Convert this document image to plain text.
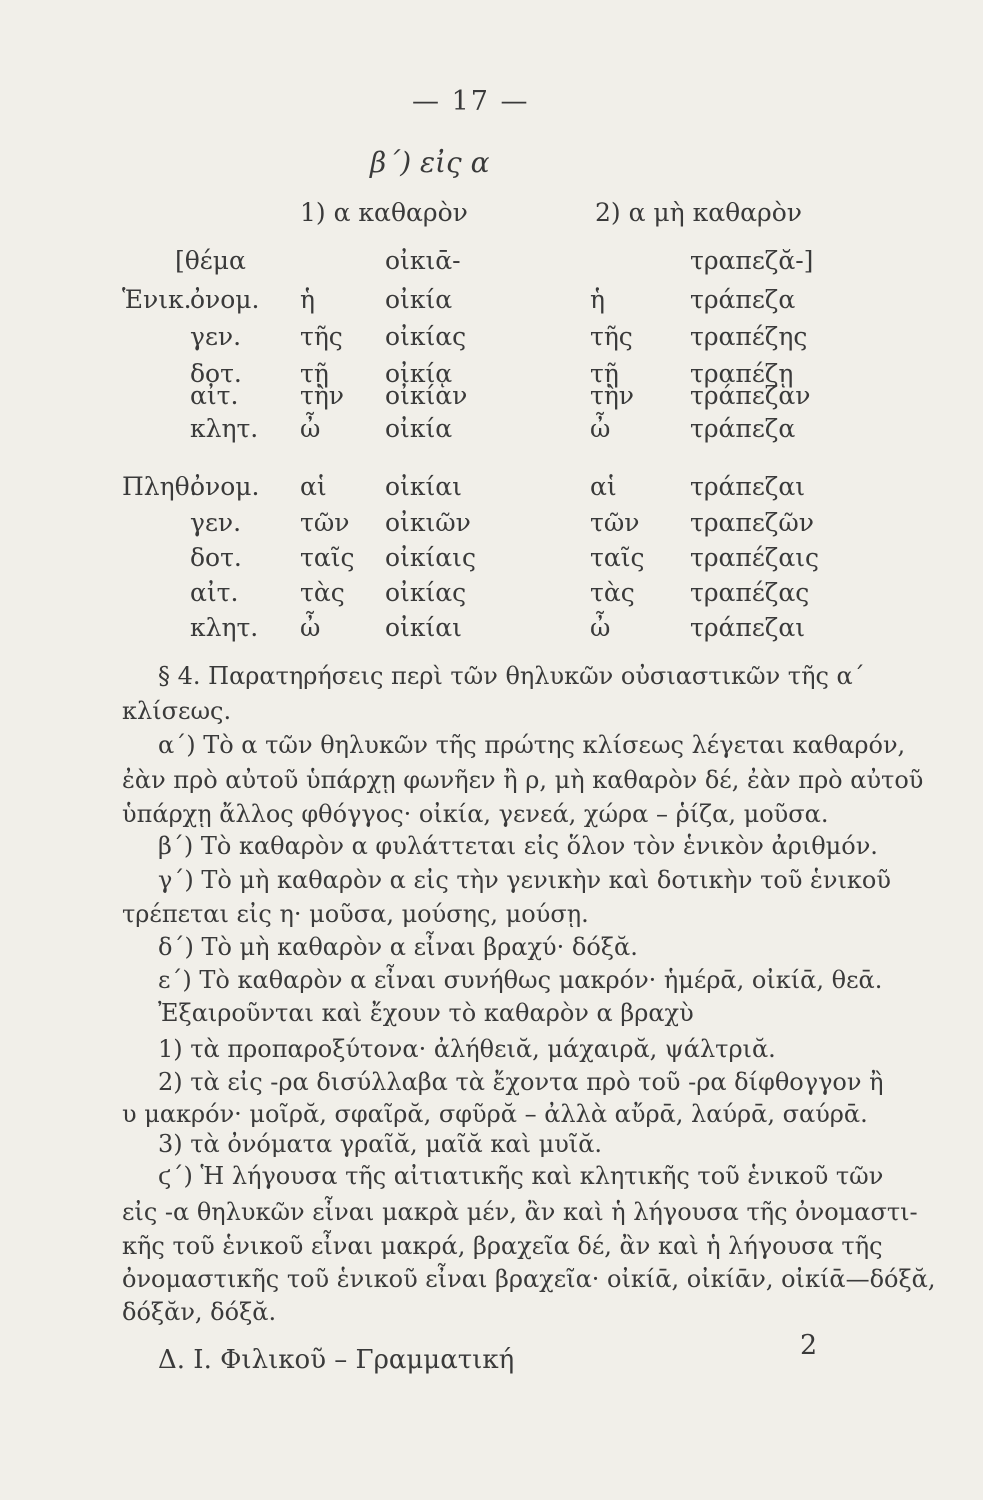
— 17 —
β΄) εἰς α
1) α καθαρὸν	2) α μὴ καθαρὸν
[θέμα	οἰκιᾱ-	τραπεζᾰ-]
Ἑνικ.
ὀνομ. ἡ	οἰκία	ἡ	τράπεζα
γεν. τῆς οἰκίας	τῆς τραπέζης
δοτ. τῇ οἰκίᾳ	τῇ	τραπέζῃ
αἰτ. τὴν οἰκίαν	τὴν τράπεζαν
κλητ. ὦ	οἰκία	ὦ	τράπεζα
Πληθ.
ὀνομ. αἱ οἰκίαι	αἱ	τράπεζαι
γεν. τῶν οἰκιῶν	τῶν τραπεζῶν
δοτ. ταῖς οἰκίαις	ταῖς τραπέζαις
αἰτ. τὰς οἰκίας	τὰς τραπέζας
κλητ. ὦ	οἰκίαι	ὦ	τράπεζαι
§ 4. Παρατηρήσεις περὶ τῶν θηλυκῶν οὐσιαστικῶν τῆς α΄
κλίσεως.
α΄) Τὸ α τῶν θηλυκῶν τῆς πρώτης κλίσεως λέγεται καθαρόν,
ἐὰν πρὸ αὐτοῦ ὑπάρχῃ φωνῆεν ἢ ρ, μὴ καθαρὸν δέ, ἐὰν πρὸ αὐτοῦ
ὑπάρχῃ ἄλλος φθόγγος· οἰκία, γενεά, χώρα – ῥίζα, μοῦσα.
β΄) Τὸ καθαρὸν α φυλάττεται εἰς ὅλον τὸν ἑνικὸν ἀριθμόν.
γ΄) Τὸ μὴ καθαρὸν α εἰς τὴν γενικὴν καὶ δοτικὴν τοῦ ἑνικοῦ
τρέπεται εἰς η· μοῦσα, μούσης, μούσῃ.
δ΄) Τὸ μὴ καθαρὸν α εἶναι βραχύ· δόξᾰ.
ε΄) Τὸ καθαρὸν α εἶναι συνήθως μακρόν· ἡμέρᾱ, οἰκίᾱ, θεᾱ.
Ἐξαιροῦνται καὶ ἔχουν τὸ καθαρὸν α βραχὺ
1) τὰ προπαροξύτονα· ἀλήθειᾰ, μάχαιρᾰ, ψάλτριᾰ.
2) τὰ εἰς -ρα δισύλλαβα τὰ ἔχοντα πρὸ τοῦ -ρα δίφθογγον ἢ
υ μακρόν· μοῖρᾰ, σφαῖρᾰ, σφῦρᾰ – ἀλλὰ αὔρᾱ, λαύρᾱ, σαύρᾱ.
3) τὰ ὀνόματα γραῖᾰ, μαῖᾰ καὶ μυῖᾰ.
ϛ΄) Ἡ λήγουσα τῆς αἰτιατικῆς καὶ κλητικῆς τοῦ ἑνικοῦ τῶν
εἰς -α θηλυκῶν εἶναι μακρὰ μέν, ἂν καὶ ἡ λήγουσα τῆς ὀνομαστι-
κῆς τοῦ ἑνικοῦ εἶναι μακρά, βραχεῖα δέ, ἂν καὶ ἡ λήγουσα τῆς
ὀνομαστικῆς τοῦ ἑνικοῦ εἶναι βραχεῖα· οἰκίᾱ, οἰκίᾱν, οἰκίᾱ—δόξᾰ,
δόξᾰν, δόξᾰ.
Δ. Ι. Φιλικοῦ – Γραμματική	2
